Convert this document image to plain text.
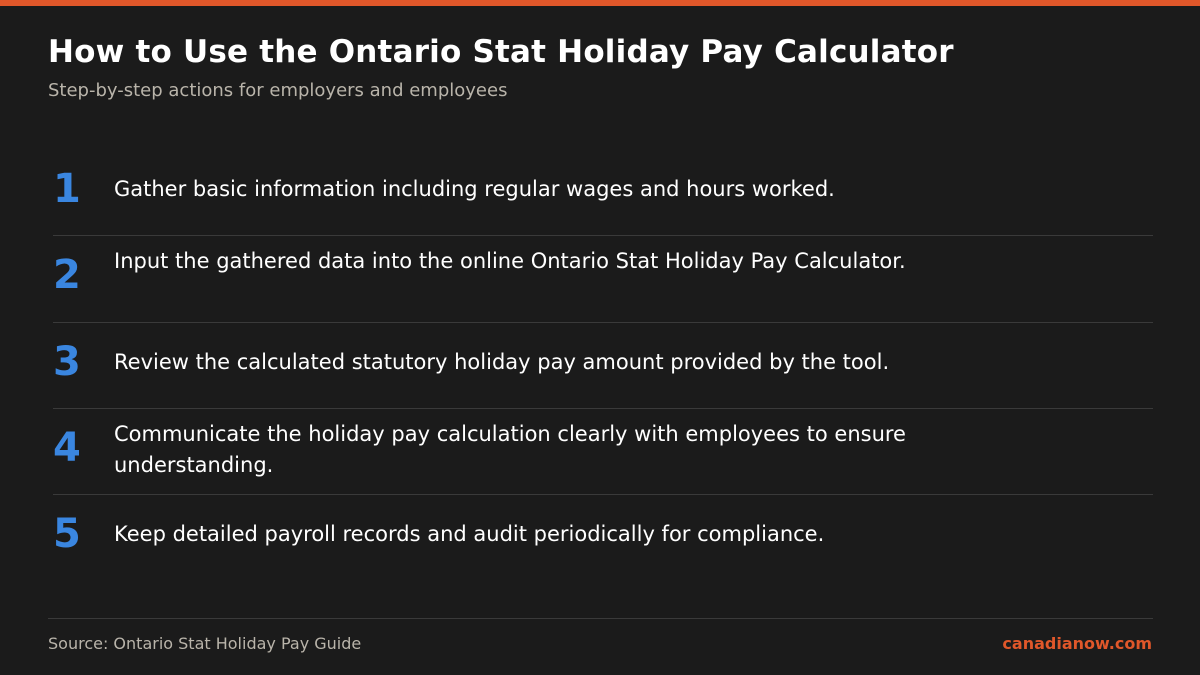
How to Use the Ontario Stat Holiday Pay Calculator
Step-by-step actions for employers and employees
1 Gather basic information including regular wages and hours worked.
2 Input the gathered data into the online Ontario Stat Holiday Pay Calculator.
3 Review the calculated statutory holiday pay amount provided by the tool.
4 Communicate the holiday pay calculation clearly with employees to ensure understanding.
5 Keep detailed payroll records and audit periodically for compliance.
Source: Ontario Stat Holiday Pay Guide	canadianow.com
